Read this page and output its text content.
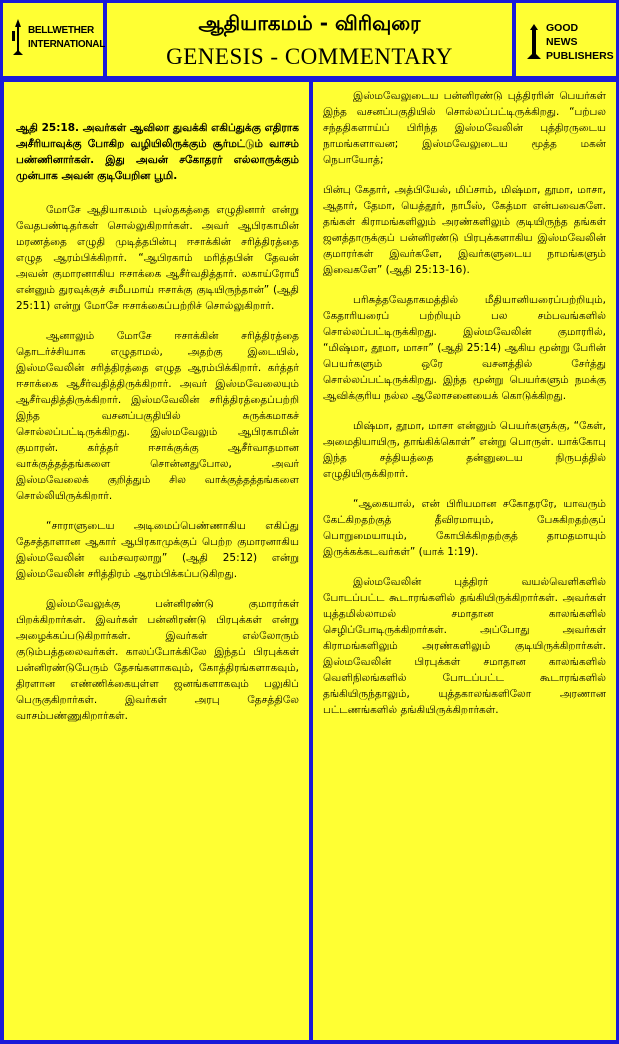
BELLWETHER INTERNATIONAL
ஆதியாகமம் - விரிவுரை
GENESIS - COMMENTARY
GOOD NEWS PUBLISHERS

ஆதி 25:18. அவர்கள் ஆவிலா துவக்கி எகிப்துக்கு எதிராக அசீரியாவுக்கு போகிற வழியிலிருக்கும் சூர்மட்டும் வாசம் பண்ணினார்கள். இது அவன் சகோதரர் எல்லாருக்கும் முன்பாக அவன் குடியேறின பூமி.

மோசே ஆதியாகமம் புஸ்தகத்தை எழுதினார் என்று வேதபண்டிதர்கள் சொல்லுகிறார்கள். அவர் ஆபிரகாமின் மரணத்தை எழுதி முடித்தபின்பு ஈசாக்கின் சரித்திரத்தை எழுத ஆரம்பிக்கிறார். “ஆபிரகாம் மரித்தபின் தேவன் அவன் குமாரனாகிய ஈசாக்கை ஆசீர்வதித்தார். லகாய்ரோயீ என்னும் துரவுக்குச் சமீபமாய் ஈசாக்கு குடியிருந்தான்” (ஆதி 25:11) என்று மோசே ஈசாக்கைப்பற்றிச் சொல்லுகிறார்.

ஆனாலும் மோசே ஈசாக்கின் சரித்திரத்தை தொடர்ச்சியாக எழுதாமல், அதற்கு இடையில், இஸ்மவேலின் சரித்திரத்தை எழுத ஆரம்பிக்கிறார். கர்த்தர் ஈசாக்கை ஆசீர்வதித்திருக்கிறார். அவர் இஸ்மவேலையும் ஆசீர்வதித்திருக்கிறார். இஸ்மவேலின் சரித்திரத்தைப்பற்றி இந்த வசனப்பகுதியில் சுருக்கமாகச் சொல்லப்பட்டிருக்கிறது. இஸ்மவேலும் ஆபிரகாமின் குமாரன். கர்த்தர் ஈசாக்குக்கு ஆசீர்வாதமான வாக்குத்தத்தங்களை சொன்னதுபோல, அவர் இஸ்மவேலைக் குறித்தும் சில வாக்குத்தத்தங்களை சொல்லியிருக்கிறார்.

“சாராளுடைய அடிமைப்பெண்ணாகிய எகிப்து தேசத்தாளான ஆகார் ஆபிரகாமுக்குப் பெற்ற குமாரனாகிய இஸ்மவேலின் வம்சவரலாறு” (ஆதி 25:12) என்று இஸ்மவேலின் சரித்திரம் ஆரம்பிக்கப்படுகிறது.

இஸ்மவேலுக்கு பன்னிரண்டு குமாரர்கள் பிறக்கிறார்கள். இவர்கள் பன்னிரண்டு பிரபுக்கள் என்று அழைக்கப்படுகிறார்கள். இவர்கள் எல்லோரும் குடும்பத்தலைவர்கள். காலப்போக்கிலே இந்தப் பிரபுக்கள் பன்னிரண்டுபேரும் தேசங்களாகவும், கோத்திரங்களாகவும், திரளான எண்ணிக்கையுள்ள ஜனங்களாகவும் பலுகிப் பெருகுகிறார்கள். இவர்கள் அரபு தேசத்திலே வாசம்பண்ணுகிறார்கள்.

இஸ்மவேலுடைய பன்னிரண்டு புத்திரரின் பெயர்கள் இந்த வசனப்பகுதியில் சொல்லப்பட்டிருக்கிறது. “பற்பல சந்ததிகளாய்ப் பிரிந்த இஸ்மவேலின் புத்திரருடைய நாமங்களாவன; இஸ்மவேலுடைய மூத்த மகன் நெபாயோத்;

பின்பு கேதார், அத்பியேல், மிப்சாம், மிஷ்மா, தூமா, மாசா, ஆதார், தேமா, யெத்தூர், நாபீஸ், கேத்மா என்பவைகளே. தங்கள் கிராமங்களிலும் அரண்களிலும் குடியிருந்த தங்கள் ஜனத்தாருக்குப் பன்னிரண்டு பிரபுக்களாகிய இஸ்மவேலின் குமாரர்கள் இவர்களே, இவர்களுடைய நாமங்களும் இவைகளே” (ஆதி 25:13-16).

பரிசுத்தவேதாகமத்தில் மீதியானியரைப்பற்றியும், கேதாரியரைப் பற்றியும் பல சம்பவங்களில் சொல்லப்பட்டிருக்கிறது. இஸ்மவேலின் குமாரரில், “மிஷ்மா, தூமா, மாசா” (ஆதி 25:14) ஆகிய மூன்று பேரின் பெயர்களும் ஒரே வசனத்தில் சேர்த்து சொல்லப்பட்டிருக்கிறது. இந்த மூன்று பெயர்களும் நமக்கு ஆவிக்குரிய நல்ல ஆலோசனையைக் கொடுக்கிறது.

மிஷ்மா, தூமா, மாசா என்னும் பெயர்களுக்கு, “கேள், அமைதியாயிரு, தாங்கிக்கொள்” என்று பொருள். யாக்கோபு இந்த சத்தியத்தை தன்னுடைய நிருபத்தில் எழுதியிருக்கிறார்.

“ஆகையால், என் பிரியமான சகோதரரே, யாவரும் கேட்கிறதற்குத் தீவிரமாயும், பேசுகிறதற்குப் பொறுமையாயும், கோபிக்கிறதற்குத் தாமதமாயும் இருக்கக்கடவர்கள்” (யாக் 1:19).

இஸ்மவேலின் புத்திரர் வயல்வெளிகளில் போடப்பட்ட கூடாரங்களில் தங்கியிருக்கிறார்கள். அவர்கள் யுத்தமில்லாமல் சமாதான காலங்களில் செழிப்போடிருக்கிறார்கள். அப்போது அவர்கள் கிராமங்களிலும் அரண்களிலும் குடியிருக்கிறார்கள். இஸ்மவேலின் பிரபுக்கள் சமாதான காலங்களில் வெளிநிலங்களில் போடப்பட்ட கூடாரங்களில் தங்கியிருந்தாலும், யுத்தகாலங்களிலோ அரணான பட்டணங்களில் தங்கியிருக்கிறார்கள்.
